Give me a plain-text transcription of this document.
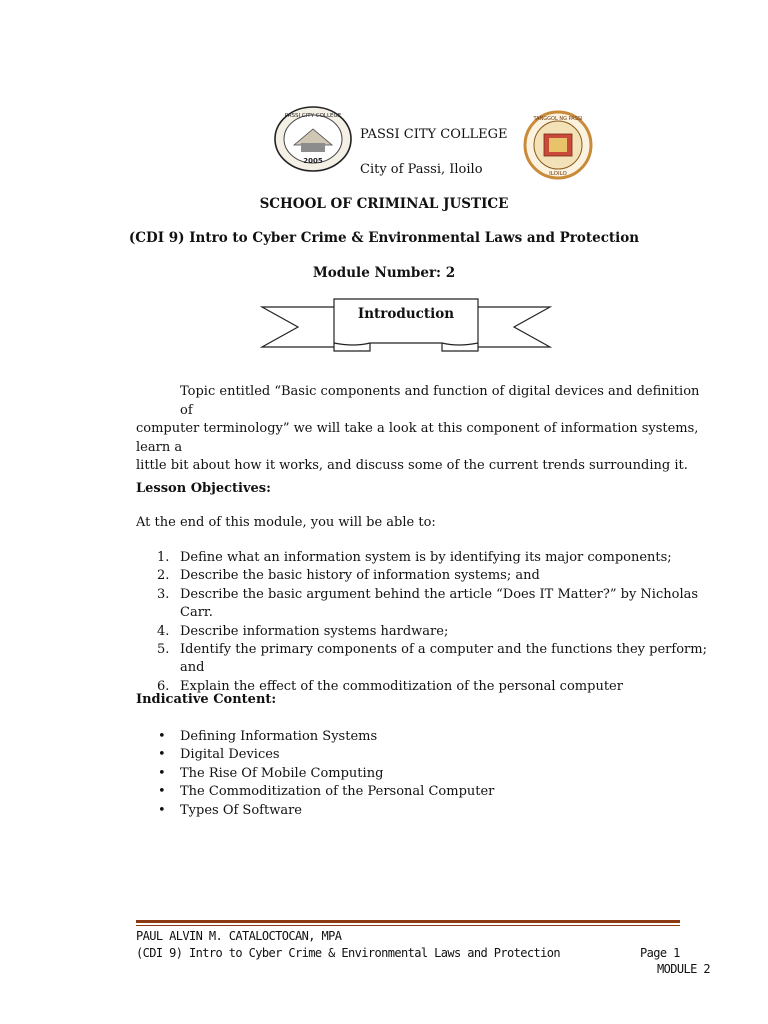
2005
PASSI CITY COLLEGE	TANGGOL NG PASSI
ILOILO
PASSI CITY COLLEGE
City of Passi, Iloilo
SCHOOL OF CRIMINAL JUSTICE
(CDI 9) Intro to Cyber Crime & Environmental Laws and Protection
Module Number: 2
Introduction
Topic entitled “Basic components and function of digital devices and definition of
computer terminology” we will take a look at this component of information systems, learn a
little bit about how it works, and discuss some of the current trends surrounding it.
Lesson Objectives:
At the end of this module, you will be able to:
1. Define what an information system is by identifying its major components;
2. Describe the basic history of information systems; and
3. Describe the basic argument behind the article “Does IT Matter?” by Nicholas Carr.
4. Describe information systems hardware;
5. Identify the primary components of a computer and the functions they perform; and
6. Explain the effect of the commoditization of the personal computer
Indicative Content:
• Defining Information Systems
• Digital Devices
• The Rise Of Mobile Computing
• The Commoditization of the Personal Computer
• Types Of Software
PAUL ALVIN M. CATALOCTOCAN, MPA
(CDI 9) Intro to Cyber Crime & Environmental Laws and Protection	Page 1
MODULE 2
